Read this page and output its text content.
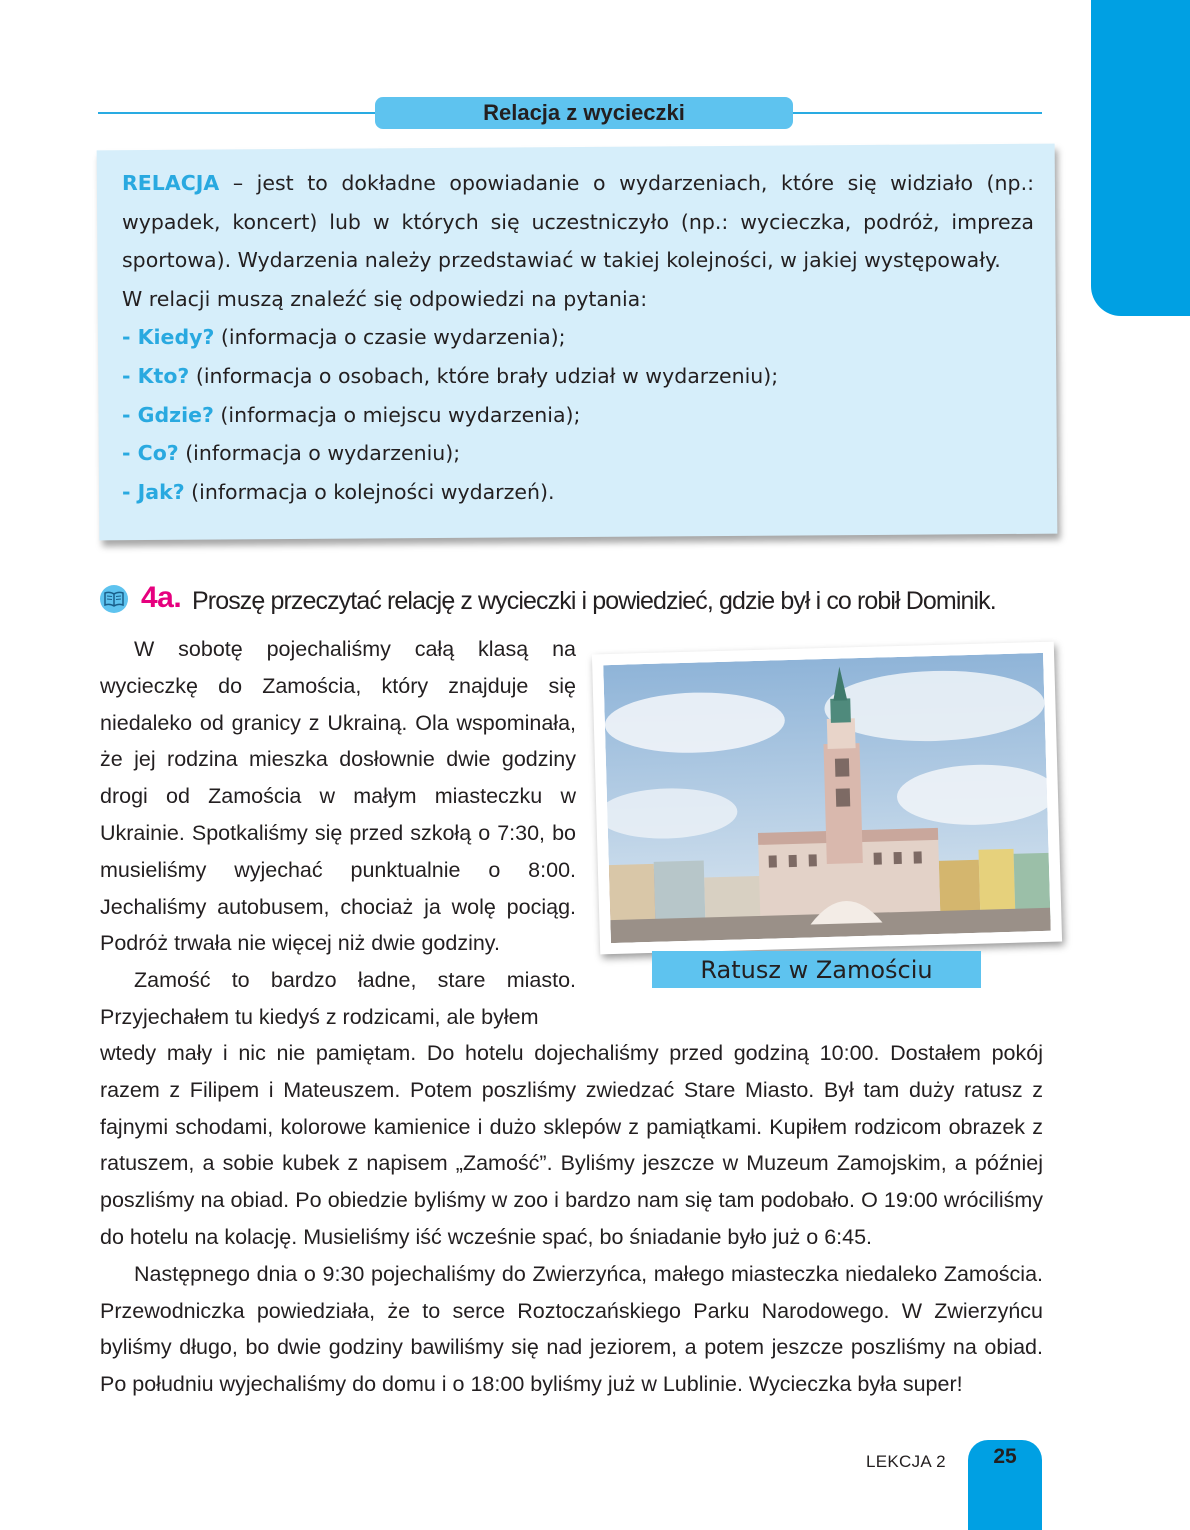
Relacja z wycieczki

RELACJA – jest to dokładne opowiadanie o wydarzeniach, które się widziało (np.: wypadek, koncert) lub w których się uczestniczyło (np.: wycieczka, podróż, impreza sportowa). Wydarzenia należy przedstawiać w takiej kolejności, w jakiej występowały.

W relacji muszą znaleźć się odpowiedzi na pytania:
- Kiedy? (informacja o czasie wydarzenia);
- Kto? (informacja o osobach, które brały udział w wydarzeniu);
- Gdzie? (informacja o miejscu wydarzenia);
- Co? (informacja o wydarzeniu);
- Jak? (informacja o kolejności wydarzeń).
4a. Proszę przeczytać relację z wycieczki i powiedzieć, gdzie był i co robił Dominik.
Ratusz w Zamościu

W sobotę pojechaliśmy całą klasą na wycieczkę do Zamościa, który znajduje się niedaleko od granicy z Ukrainą. Ola wspominała, że jej rodzina mieszka dosłownie dwie godziny drogi od Zamościa w małym miasteczku w Ukrainie. Spotkaliśmy się przed szkołą o 7:30, bo musieliśmy wyjechać punktualnie o 8:00. Jechaliśmy autobusem, chociaż ja wolę pociąg. Podróż trwała nie więcej niż dwie godziny.

Zamość to bardzo ładne, stare miasto. Przyjechałem tu kiedyś z rodzicami, ale byłem

wtedy mały i nic nie pamiętam. Do hotelu dojechaliśmy przed godziną 10:00. Dostałem pokój razem z Filipem i Mateuszem. Potem poszliśmy zwiedzać Stare Miasto. Był tam duży ratusz z fajnymi schodami, kolorowe kamienice i dużo sklepów z pamiątkami. Kupiłem rodzicom obrazek z ratuszem, a sobie kubek z napisem „Zamość”. Byliśmy jeszcze w Muzeum Zamojskim, a później poszliśmy na obiad. Po obiedzie byliśmy w zoo i bardzo nam się tam podobało. O 19:00 wróciliśmy do hotelu na kolację. Musieliśmy iść wcześnie spać, bo śniadanie było już o 6:45.

Następnego dnia o 9:30 pojechaliśmy do Zwierzyńca, małego miasteczka niedaleko Zamościa. Przewodniczka powiedziała, że to serce Roztoczańskiego Parku Narodowego. W Zwierzyńcu byliśmy długo, bo dwie godziny bawiliśmy się nad jeziorem, a potem jeszcze poszliśmy na obiad. Po południu wyjechaliśmy do domu i o 18:00 byliśmy już w Lublinie. Wycieczka była super!

LEKCJA 2	25
